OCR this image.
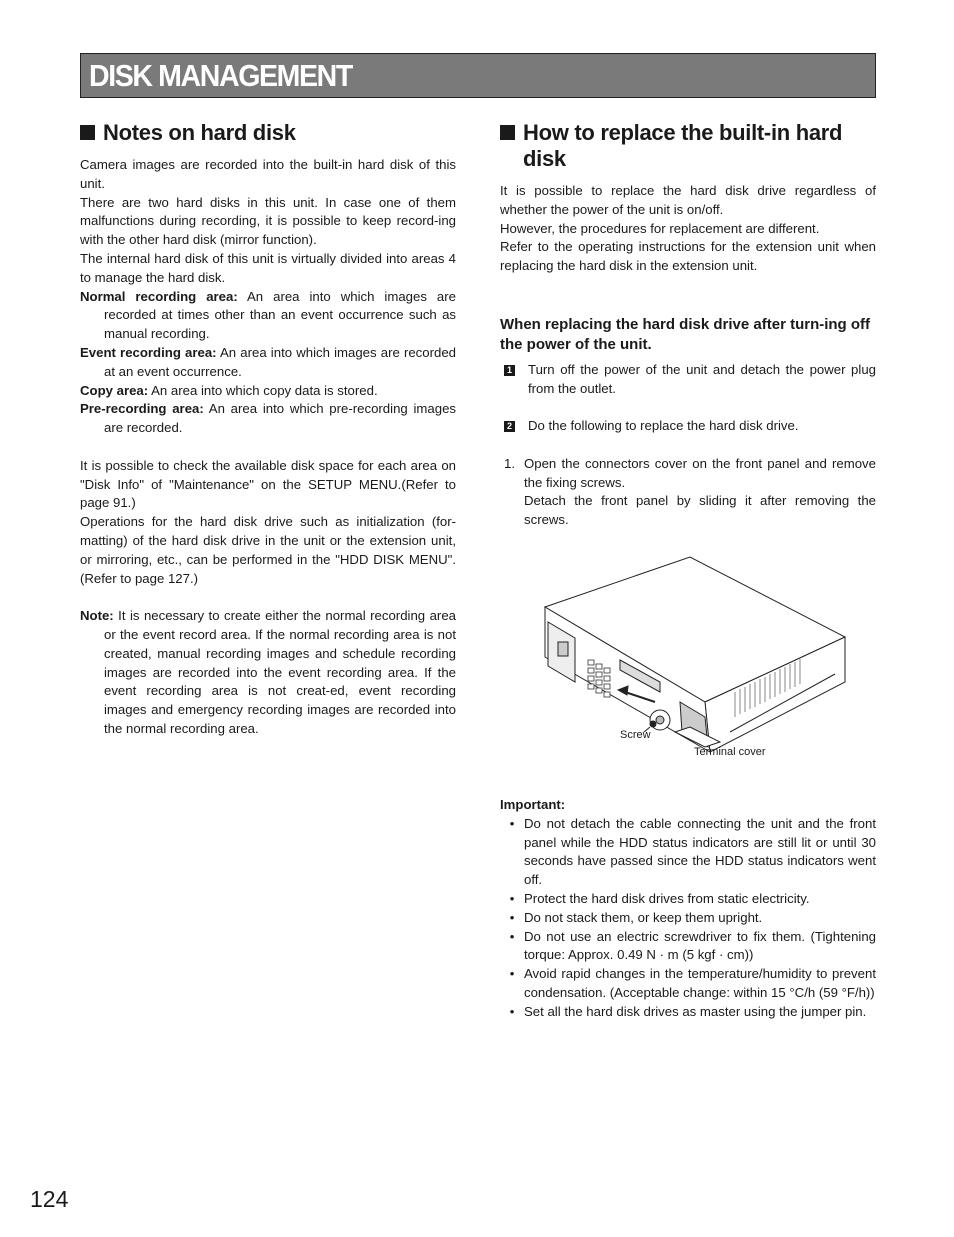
DISK MANAGEMENT
Notes on hard disk

Camera images are recorded into the built-in hard disk of this unit.

There are two hard disks in this unit. In case one of them malfunctions during recording, it is possible to keep record-ing with the other hard disk (mirror function).

The internal hard disk of this unit is virtually divided into areas 4 to manage the hard disk.

Normal recording area: An area into which images are recorded at times other than an event occurrence such as manual recording.
Event recording area: An area into which images are recorded at an event occurrence.
Copy area: An area into which copy data is stored.
Pre-recording area: An area into which pre-recording images are recorded.

It is possible to check the available disk space for each area on "Disk Info" of "Maintenance" on the SETUP MENU.(Refer to page 91.)

Operations for the hard disk drive such as initialization (for-matting) of the hard disk drive in the unit or the extension unit, or mirroring, etc., can be performed in the "HDD DISK MENU". (Refer to page 127.)

Note: It is necessary to create either the normal recording area or the event record area. If the normal recording area is not created, manual recording images and schedule recording images are recorded into the event recording area. If the event recording area is not creat-ed, event recording images and emergency recording images are recorded into the normal recording area.
How to replace the built-in hard disk

It is possible to replace the hard disk drive regardless of whether the power of the unit is on/off.

However, the procedures for replacement are different.

Refer to the operating instructions for the extension unit when replacing the hard disk in the extension unit.

When replacing the hard disk drive after turn-ing off the power of the unit.
1 Turn off the power of the unit and detach the power plug from the outlet.
2 Do the following to replace the hard disk drive.
1. Open the connectors cover on the front panel and remove the fixing screws.
Detach the front panel by sliding it after removing the screws.
Screw
Terminal cover
Important:
• Do not detach the cable connecting the unit and the front panel while the HDD status indicators are still lit or until 30 seconds have passed since the HDD status indicators went off.
• Protect the hard disk drives from static electricity.
• Do not stack them, or keep them upright.
• Do not use an electric screwdriver to fix them. (Tightening torque: Approx. 0.49 N · m (5 kgf · cm))
• Avoid rapid changes in the temperature/humidity to prevent condensation. (Acceptable change: within 15 °C/h (59 °F/h))
• Set all the hard disk drives as master using the jumper pin.

124
